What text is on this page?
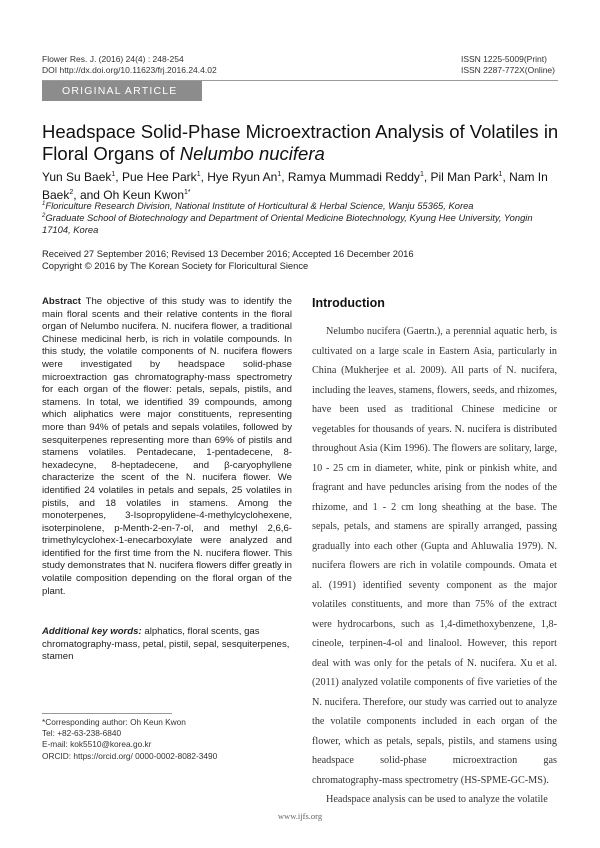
Flower Res. J. (2016) 24(4) : 248-254
DOI http://dx.doi.org/10.11623/frj.2016.24.4.02
ISSN 1225-5009(Print)
ISSN 2287-772X(Online)
ORIGINAL ARTICLE
Headspace Solid-Phase Microextraction Analysis of Volatiles in Floral Organs of Nelumbo nucifera
Yun Su Baek$^1$, Pue Hee Park$^1$, Hye Ryun An$^1$, Ramya Mummadi Reddy$^1$, Pil Man Park$^1$, Nam In Baek$^2$, and Oh Keun Kwon$^{1*}$
$^1$Floriculture Research Division, National Institute of Horticultural & Herbal Science, Wanju 55365, Korea
$^2$Graduate School of Biotechnology and Department of Oriental Medicine Biotechnology, Kyung Hee University, Yongin 17104, Korea
Received 27 September 2016; Revised 13 December 2016; Accepted 16 December 2016
Copyright © 2016 by The Korean Society for Floricultural Sience
Abstract The objective of this study was to identify the main floral scents and their relative contents in the floral organ of Nelumbo nucifera. N. nucifera flower, a traditional Chinese medicinal herb, is rich in volatile compounds. In this study, the volatile components of N. nucifera flowers were investigated by headspace solid-phase microextraction gas chromatography-mass spectrometry for each organ of the flower: petals, sepals, pistils, and stamens. In total, we identified 39 compounds, among which aliphatics were major constituents, representing more than 94% of petals and sepals volatiles, followed by sesquiterpenes representing more than 69% of pistils and stamens volatiles. Pentadecane, 1-pentadecene, 8-hexadecyne, 8-heptadecene, and β-caryophyllene characterize the scent of the N. nucifera flower. We identified 24 volatiles in petals and sepals, 25 volatiles in pistils, and 18 volatiles in stamens. Among the monoterpenes, 3-Isopropylidene-4-methylcyclohexene, isoterpinolene, p-Menth-2-en-7-ol, and methyl 2,6,6-trimethylcyclohex-1-enecarboxylate were analyzed and identified for the first time from the N. nucifera flower. This study demonstrates that N. nucifera flowers differ greatly in volatile composition depending on the floral organ of the plant.
Additional key words: alphatics, floral scents, gas chromatography-mass, petal, pistil, sepal, sesquiterpenes, stamen
*Corresponding author: Oh Keun Kwon
Tel: +82-63-238-6840
E-mail: kok5510@korea.go.kr
ORCID: https://orcid.org/ 0000-0002-8082-3490
Introduction

Nelumbo nucifera (Gaertn.), a perennial aquatic herb, is cultivated on a large scale in Eastern Asia, particularly in China (Mukherjee et al. 2009). All parts of N. nucifera, including the leaves, stamens, flowers, seeds, and rhizomes, have been used as traditional Chinese medicine or vegetables for thousands of years. N. nucifera is distributed throughout Asia (Kim 1996). The flowers are solitary, large, 10 - 25 cm in diameter, white, pink or pinkish white, and fragrant and have peduncles arising from the nodes of the rhizome, and 1 - 2 cm long sheathing at the base. The sepals, petals, and stamens are spirally arranged, passing gradually into each other (Gupta and Ahluwalia 1979). N. nucifera flowers are rich in volatile compounds. Omata et al. (1991) identified seventy component as the major volatiles constituents, and more than 75% of the extract were hydrocarbons, such as 1,4-dimethoxybenzene, 1,8-cineole, terpinen-4-ol and linalool. However, this report deal with was only for the petals of N. nucifera. Xu et al. (2011) analyzed volatile components of five varieties of the N. nucifera. Therefore, our study was carried out to analyze the volatile components included in each organ of the flower, which as petals, sepals, pistils, and stamens using headspace solid-phase microextraction gas chromatography-mass spectrometry (HS-SPME-GC-MS).

Headspace analysis can be used to analyze the volatile

www.ijfs.org
